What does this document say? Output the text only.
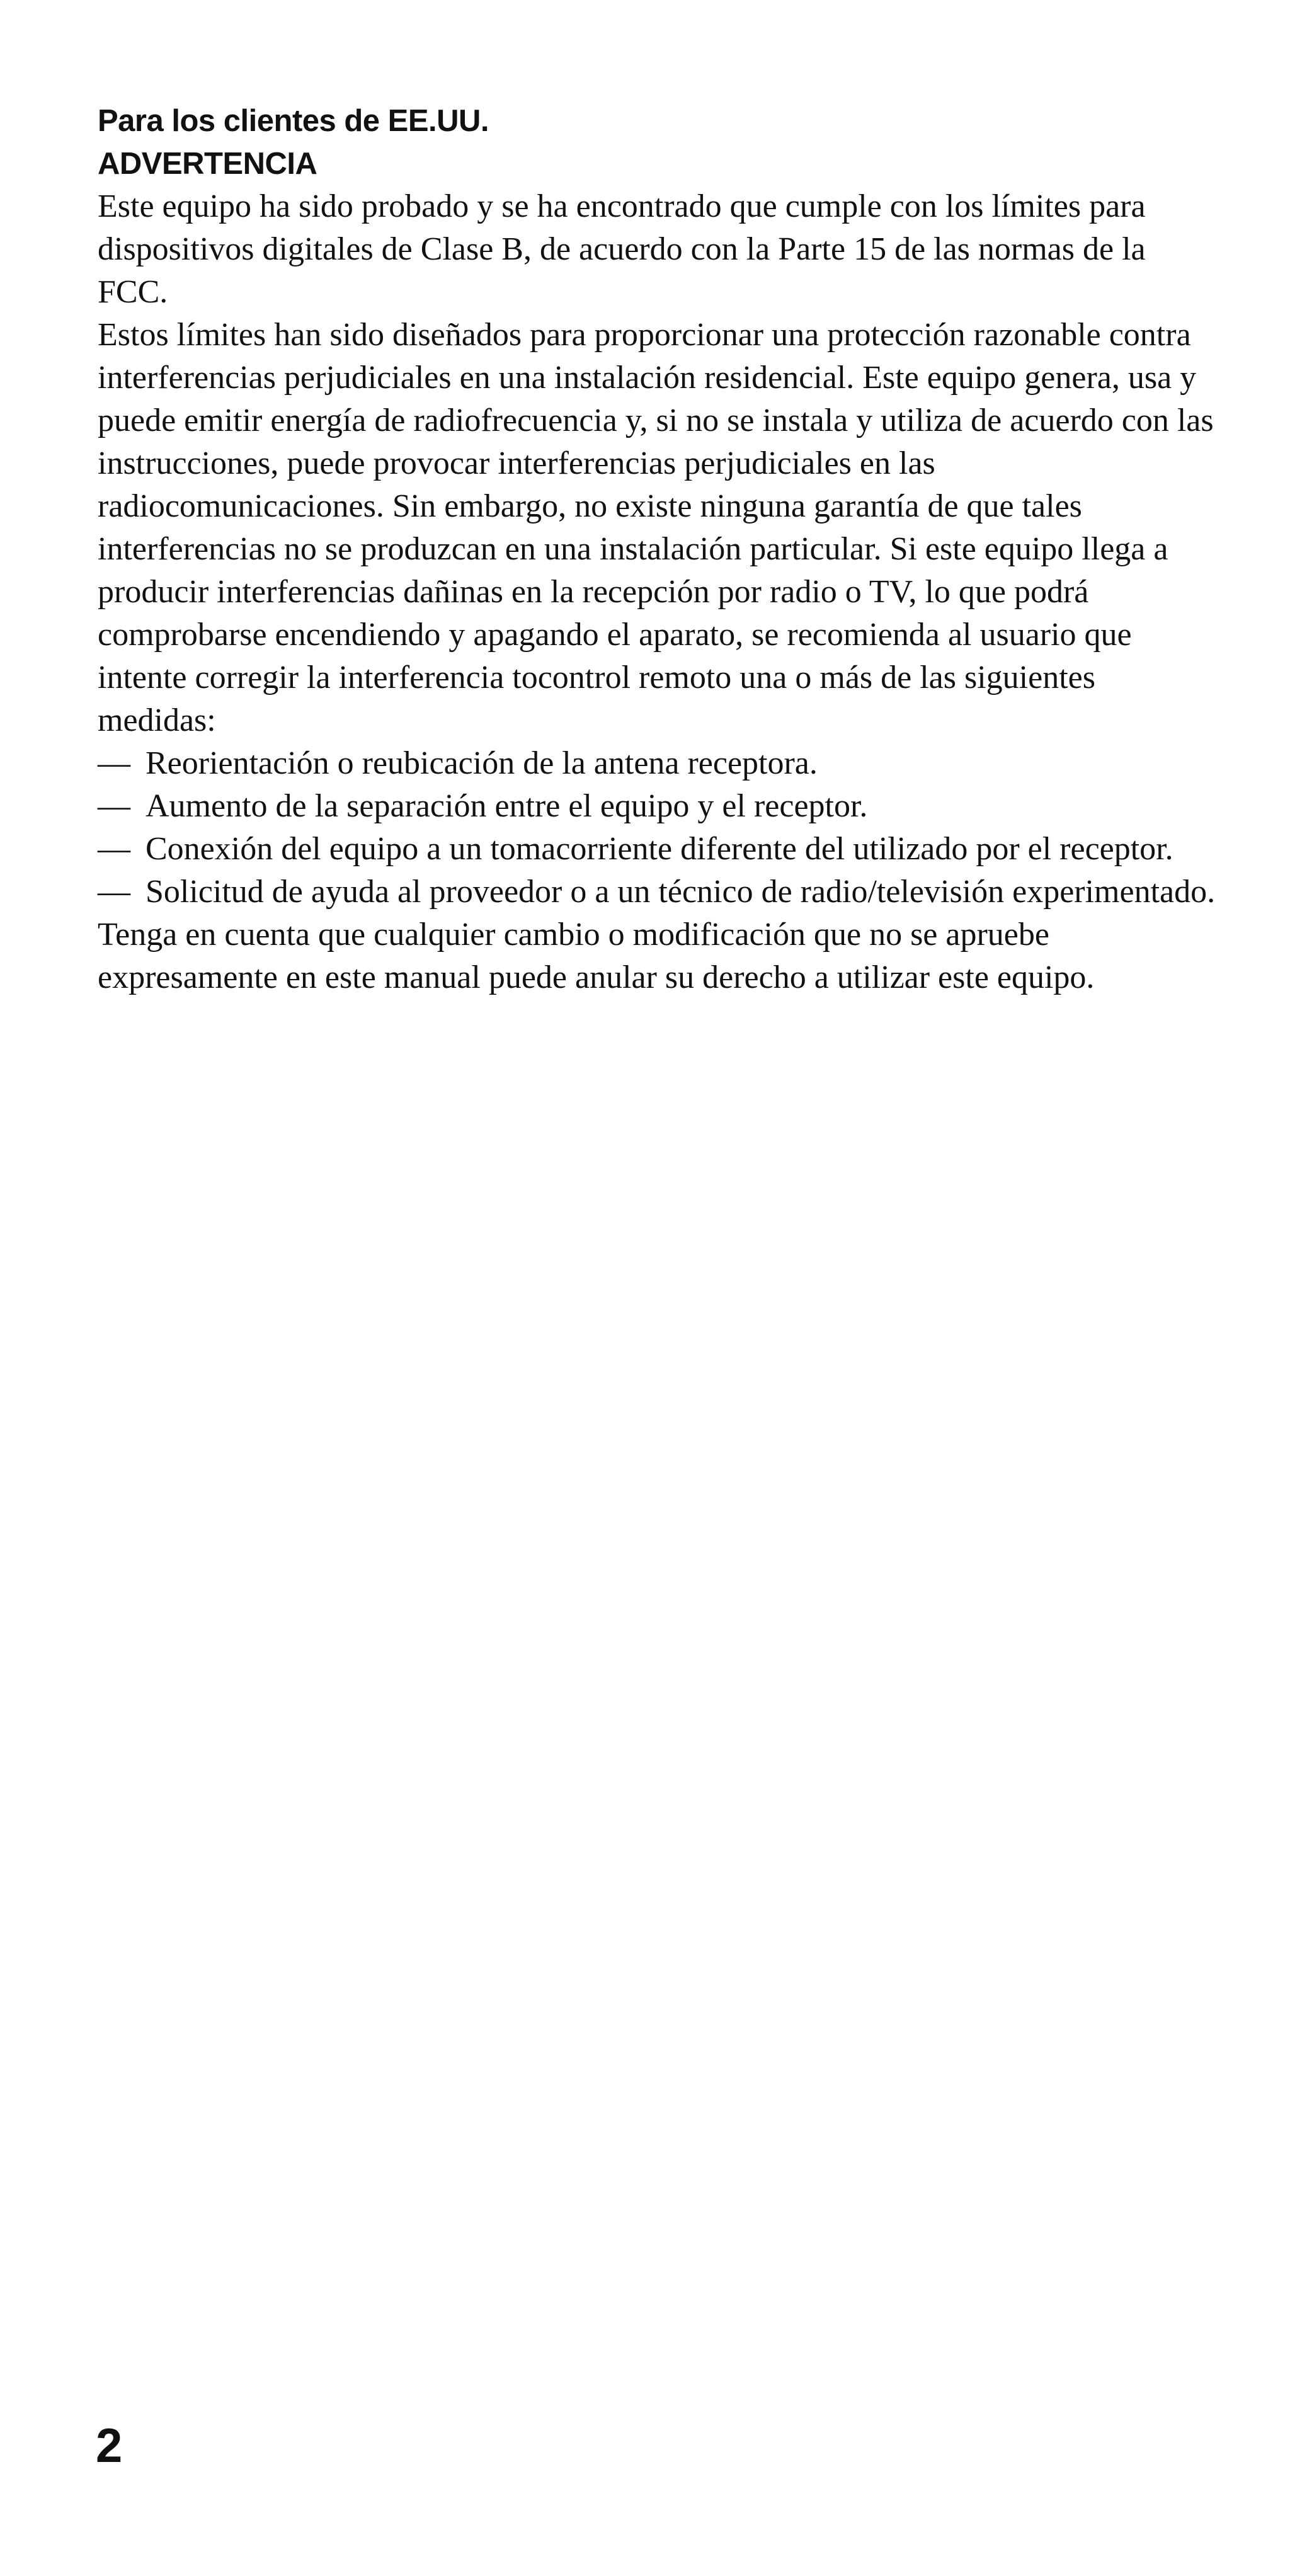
Para los clientes de EE.UU.
ADVERTENCIA

Este equipo ha sido probado y se ha encontrado que cumple con los límites para dispositivos digitales de Clase B, de acuerdo con la Parte 15 de las normas de la FCC.

Estos límites han sido diseñados para proporcionar una protección razonable contra interferencias perjudiciales en una instalación residencial. Este equipo genera, usa y puede emitir energía de radiofrecuencia y, si no se instala y utiliza de acuerdo con las instrucciones, puede provocar interferencias perjudiciales en las radiocomunicaciones. Sin embargo, no existe ninguna garantía de que tales interferencias no se produzcan en una instalación particular. Si este equipo llega a producir interferencias dañinas en la recepción por radio o TV, lo que podrá comprobarse encendiendo y apagando el aparato, se recomienda al usuario que intente corregir la interferencia tocontrol remoto una o más de las siguientes medidas:

— Reorientación o reubicación de la antena receptora.
— Aumento de la separación entre el equipo y el receptor.
— Conexión del equipo a un tomacorriente diferente del utilizado por el receptor.
— Solicitud de ayuda al proveedor o a un técnico de radio/televisión experimentado.

Tenga en cuenta que cualquier cambio o modificación que no se apruebe expresamente en este manual puede anular su derecho a utilizar este equipo.

2
